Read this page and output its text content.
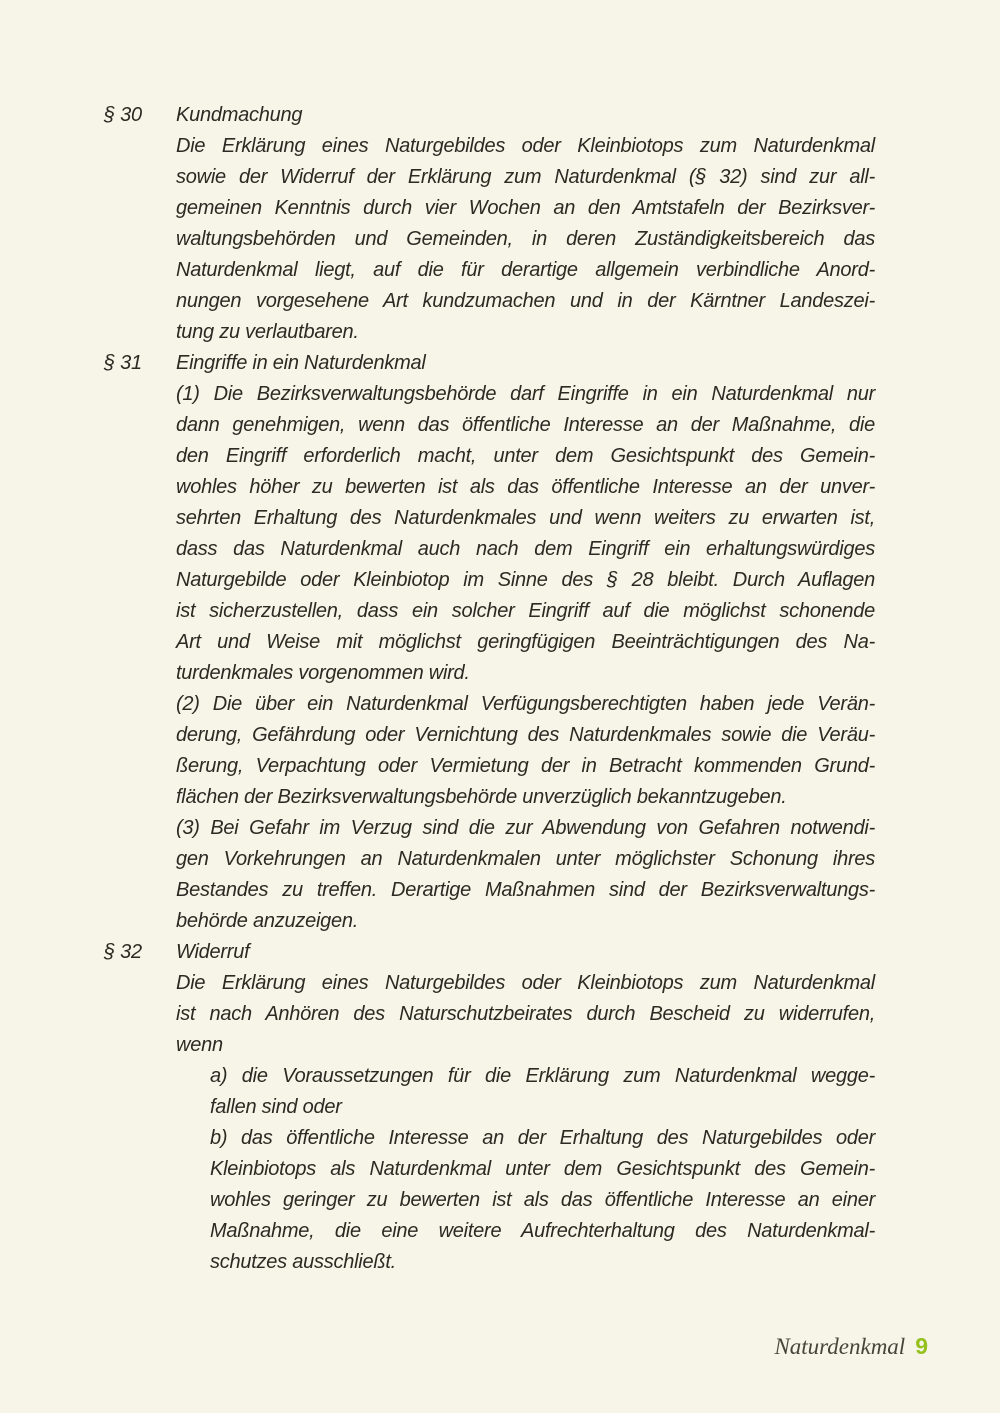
§ 30	Kundmachung
Die Erklärung eines Naturgebildes oder Kleinbiotops zum Naturdenkmal
sowie der Widerruf der Erklärung zum Naturdenkmal (§ 32) sind zur all-
gemeinen Kenntnis durch vier Wochen an den Amtstafeln der Bezirksver-
waltungsbehörden und Gemeinden, in deren Zuständigkeitsbereich das
Naturdenkmal liegt, auf die für derartige allgemein verbindliche Anord-
nungen vorgesehene Art kundzumachen und in der Kärntner Landeszei-
tung zu verlautbaren.
§ 31	Eingriffe in ein Naturdenkmal
(1) Die Bezirksverwaltungsbehörde darf Eingriffe in ein Naturdenkmal nur
dann genehmigen, wenn das öffentliche Interesse an der Maßnahme, die
den Eingriff erforderlich macht, unter dem Gesichtspunkt des Gemein-
wohles höher zu bewerten ist als das öffentliche Interesse an der unver-
sehrten Erhaltung des Naturdenkmales und wenn weiters zu erwarten ist,
dass das Naturdenkmal auch nach dem Eingriff ein erhaltungswürdiges
Naturgebilde oder Kleinbiotop im Sinne des § 28 bleibt. Durch Auflagen
ist sicherzustellen, dass ein solcher Eingriff auf die möglichst schonende
Art und Weise mit möglichst geringfügigen Beeinträchtigungen des Na-
turdenkmales vorgenommen wird.
(2) Die über ein Naturdenkmal Verfügungsberechtigten haben jede Verän-
derung, Gefährdung oder Vernichtung des Naturdenkmales sowie die Veräu-
ßerung, Verpachtung oder Vermietung der in Betracht kommenden Grund-
flächen der Bezirksverwaltungsbehörde unverzüglich bekanntzugeben.
(3) Bei Gefahr im Verzug sind die zur Abwendung von Gefahren notwendi-
gen Vorkehrungen an Naturdenkmalen unter möglichster Schonung ihres
Bestandes zu treffen. Derartige Maßnahmen sind der Bezirksverwaltungs-
behörde anzuzeigen.
§ 32	Widerruf
Die Erklärung eines Naturgebildes oder Kleinbiotops zum Naturdenkmal
ist nach Anhören des Naturschutzbeirates durch Bescheid zu widerrufen,
wenn
a) die Voraussetzungen für die Erklärung zum Naturdenkmal wegge-
fallen sind oder
b) das öffentliche Interesse an der Erhaltung des Naturgebildes oder
Kleinbiotops als Naturdenkmal unter dem Gesichtspunkt des Gemein-
wohles geringer zu bewerten ist als das öffentliche Interesse an einer
Maßnahme, die eine weitere Aufrechterhaltung des Naturdenkmal-
schutzes ausschließt.
Naturdenkmal 9
